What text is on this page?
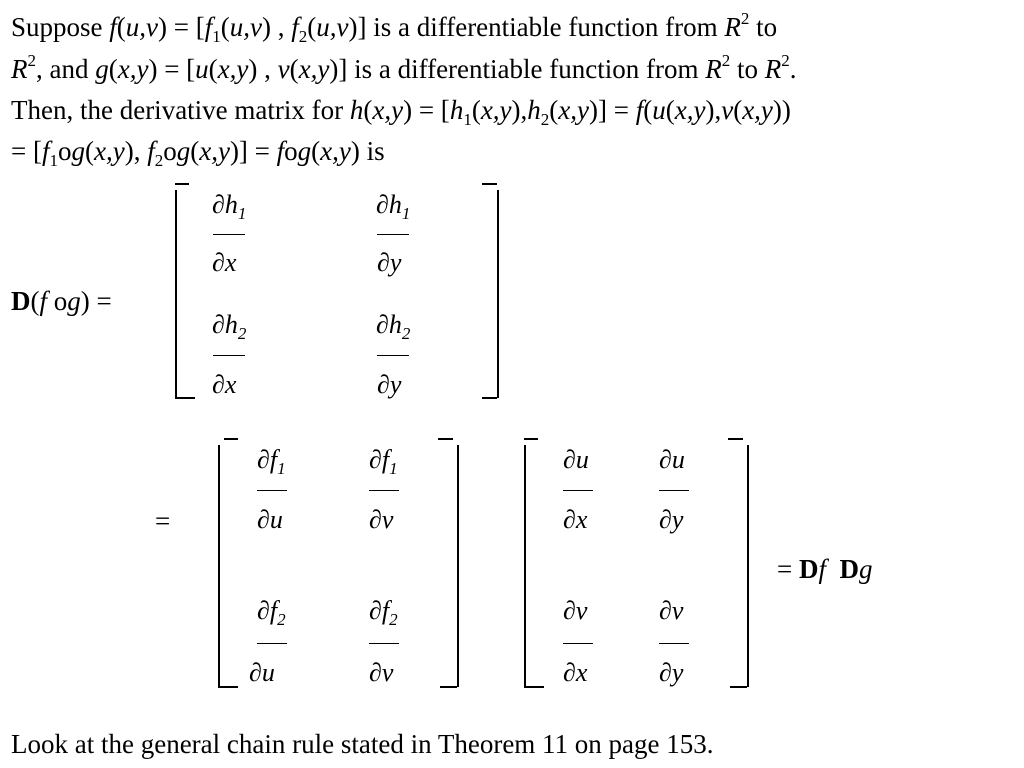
Suppose $f(u,v) = [f_1(u,v)$ , $f_2(u,v)$] is a differentiable function from $R^2$ to
$R^2$, and g(x,y) = [u(x,y) , v(x,y)] is a differentiable function from $R^2$ to $R^2$.
Then, the derivative matrix for $h(x,y) = [h_1(x,y),h_2(x,y)] = f(u(x,y),v(x,y))$
= [$f_1og(x,y)$, $f_2og(x,y)] = fog(x,y)$ is
D(f og) =
$\partial h_1$
∂x
$\partial h_1$
∂y
$\partial h_2$
∂x
$\partial h_2$
∂y
=
$\partial f_1$
∂u
$\partial f_1$
∂v
$\partial f_2$
∂u
$\partial f_2$
∂v
∂u
∂x
∂u
∂y
∂v
∂x
∂v
∂y
= Df Dg
Look at the general chain rule stated in Theorem 11 on page 153.
